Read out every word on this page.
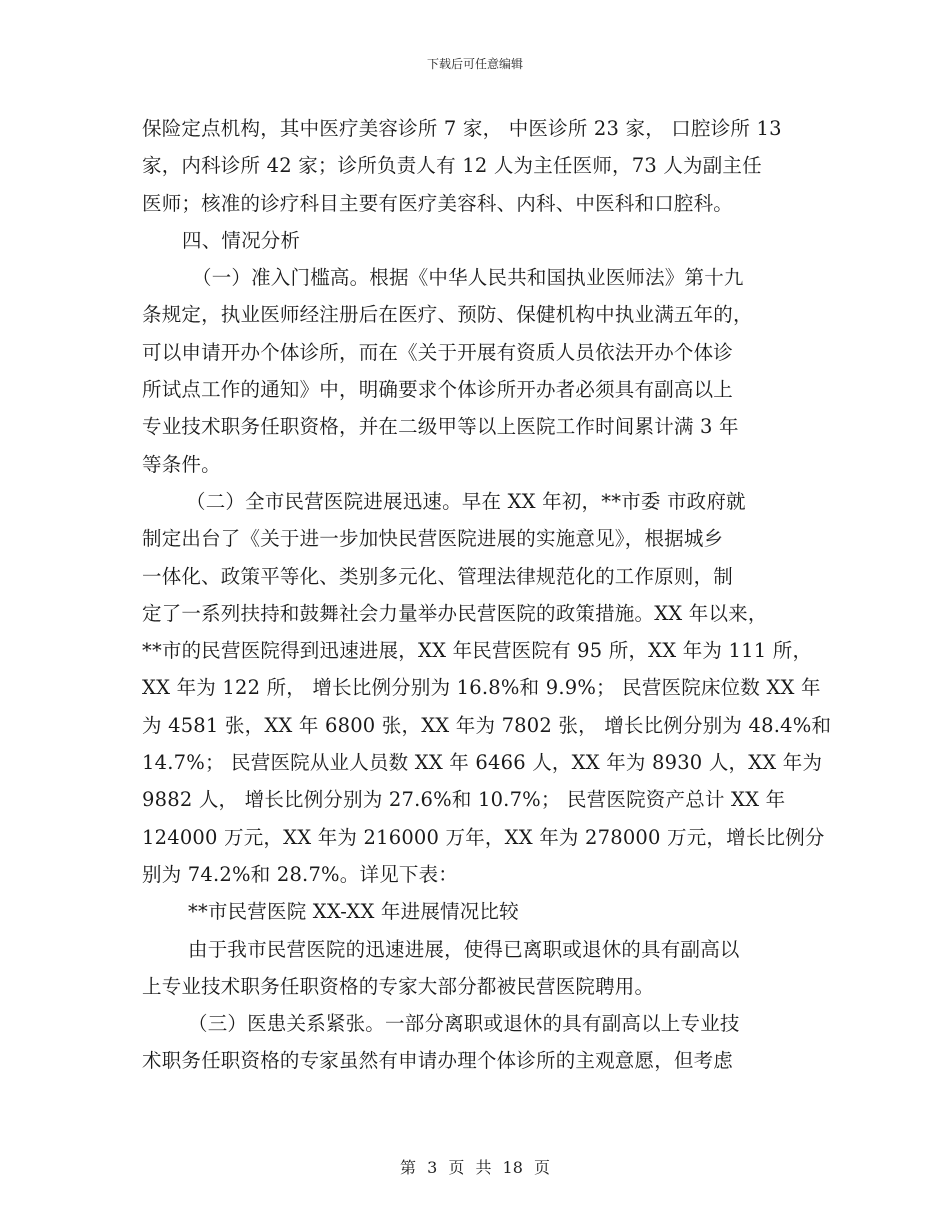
下载后可任意编辑
保险定点机构，其中医疗美容诊所 7 家， 中医诊所 23 家， 口腔诊所 13
家，内科诊所 42 家；诊所负责人有 12 人为主任医师，73 人为副主任
医师；核准的诊疗科目主要有医疗美容科、内科、中医科和口腔科。
四、情况分析
（一）准入门槛高。根据《中华人民共和国执业医师法》第十九
条规定，执业医师经注册后在医疗、预防、保健机构中执业满五年的，
可以申请开办个体诊所，而在《关于开展有资质人员依法开办个体诊
所试点工作的通知》中，明确要求个体诊所开办者必须具有副高以上
专业技术职务任职资格，并在二级甲等以上医院工作时间累计满 3 年
等条件。
（二）全市民营医院进展迅速。早在 XX 年初，**市委 市政府就
制定出台了《关于进一步加快民营医院进展的实施意见》，根据城乡
一体化、政策平等化、类别多元化、管理法律规范化的工作原则，制
定了一系列扶持和鼓舞社会力量举办民营医院的政策措施。XX 年以来，
**市的民营医院得到迅速进展，XX 年民营医院有 95 所，XX 年为 111 所，
XX 年为 122 所， 增长比例分别为 16.8%和 9.9%； 民营医院床位数 XX 年
为 4581 张，XX 年 6800 张，XX 年为 7802 张， 增长比例分别为 48.4%和
14.7%； 民营医院从业人员数 XX 年 6466 人，XX 年为 8930 人，XX 年为
9882 人， 增长比例分别为 27.6%和 10.7%； 民营医院资产总计 XX 年
124000 万元，XX 年为 216000 万年，XX 年为 278000 万元，增长比例分
别为 74.2%和 28.7%。详见下表：
**市民营医院 XX-XX 年进展情况比较
由于我市民营医院的迅速进展，使得已离职或退休的具有副高以
上专业技术职务任职资格的专家大部分都被民营医院聘用。
（三）医患关系紧张。一部分离职或退休的具有副高以上专业技
术职务任职资格的专家虽然有申请办理个体诊所的主观意愿，但考虑
第 3 页 共 18 页
